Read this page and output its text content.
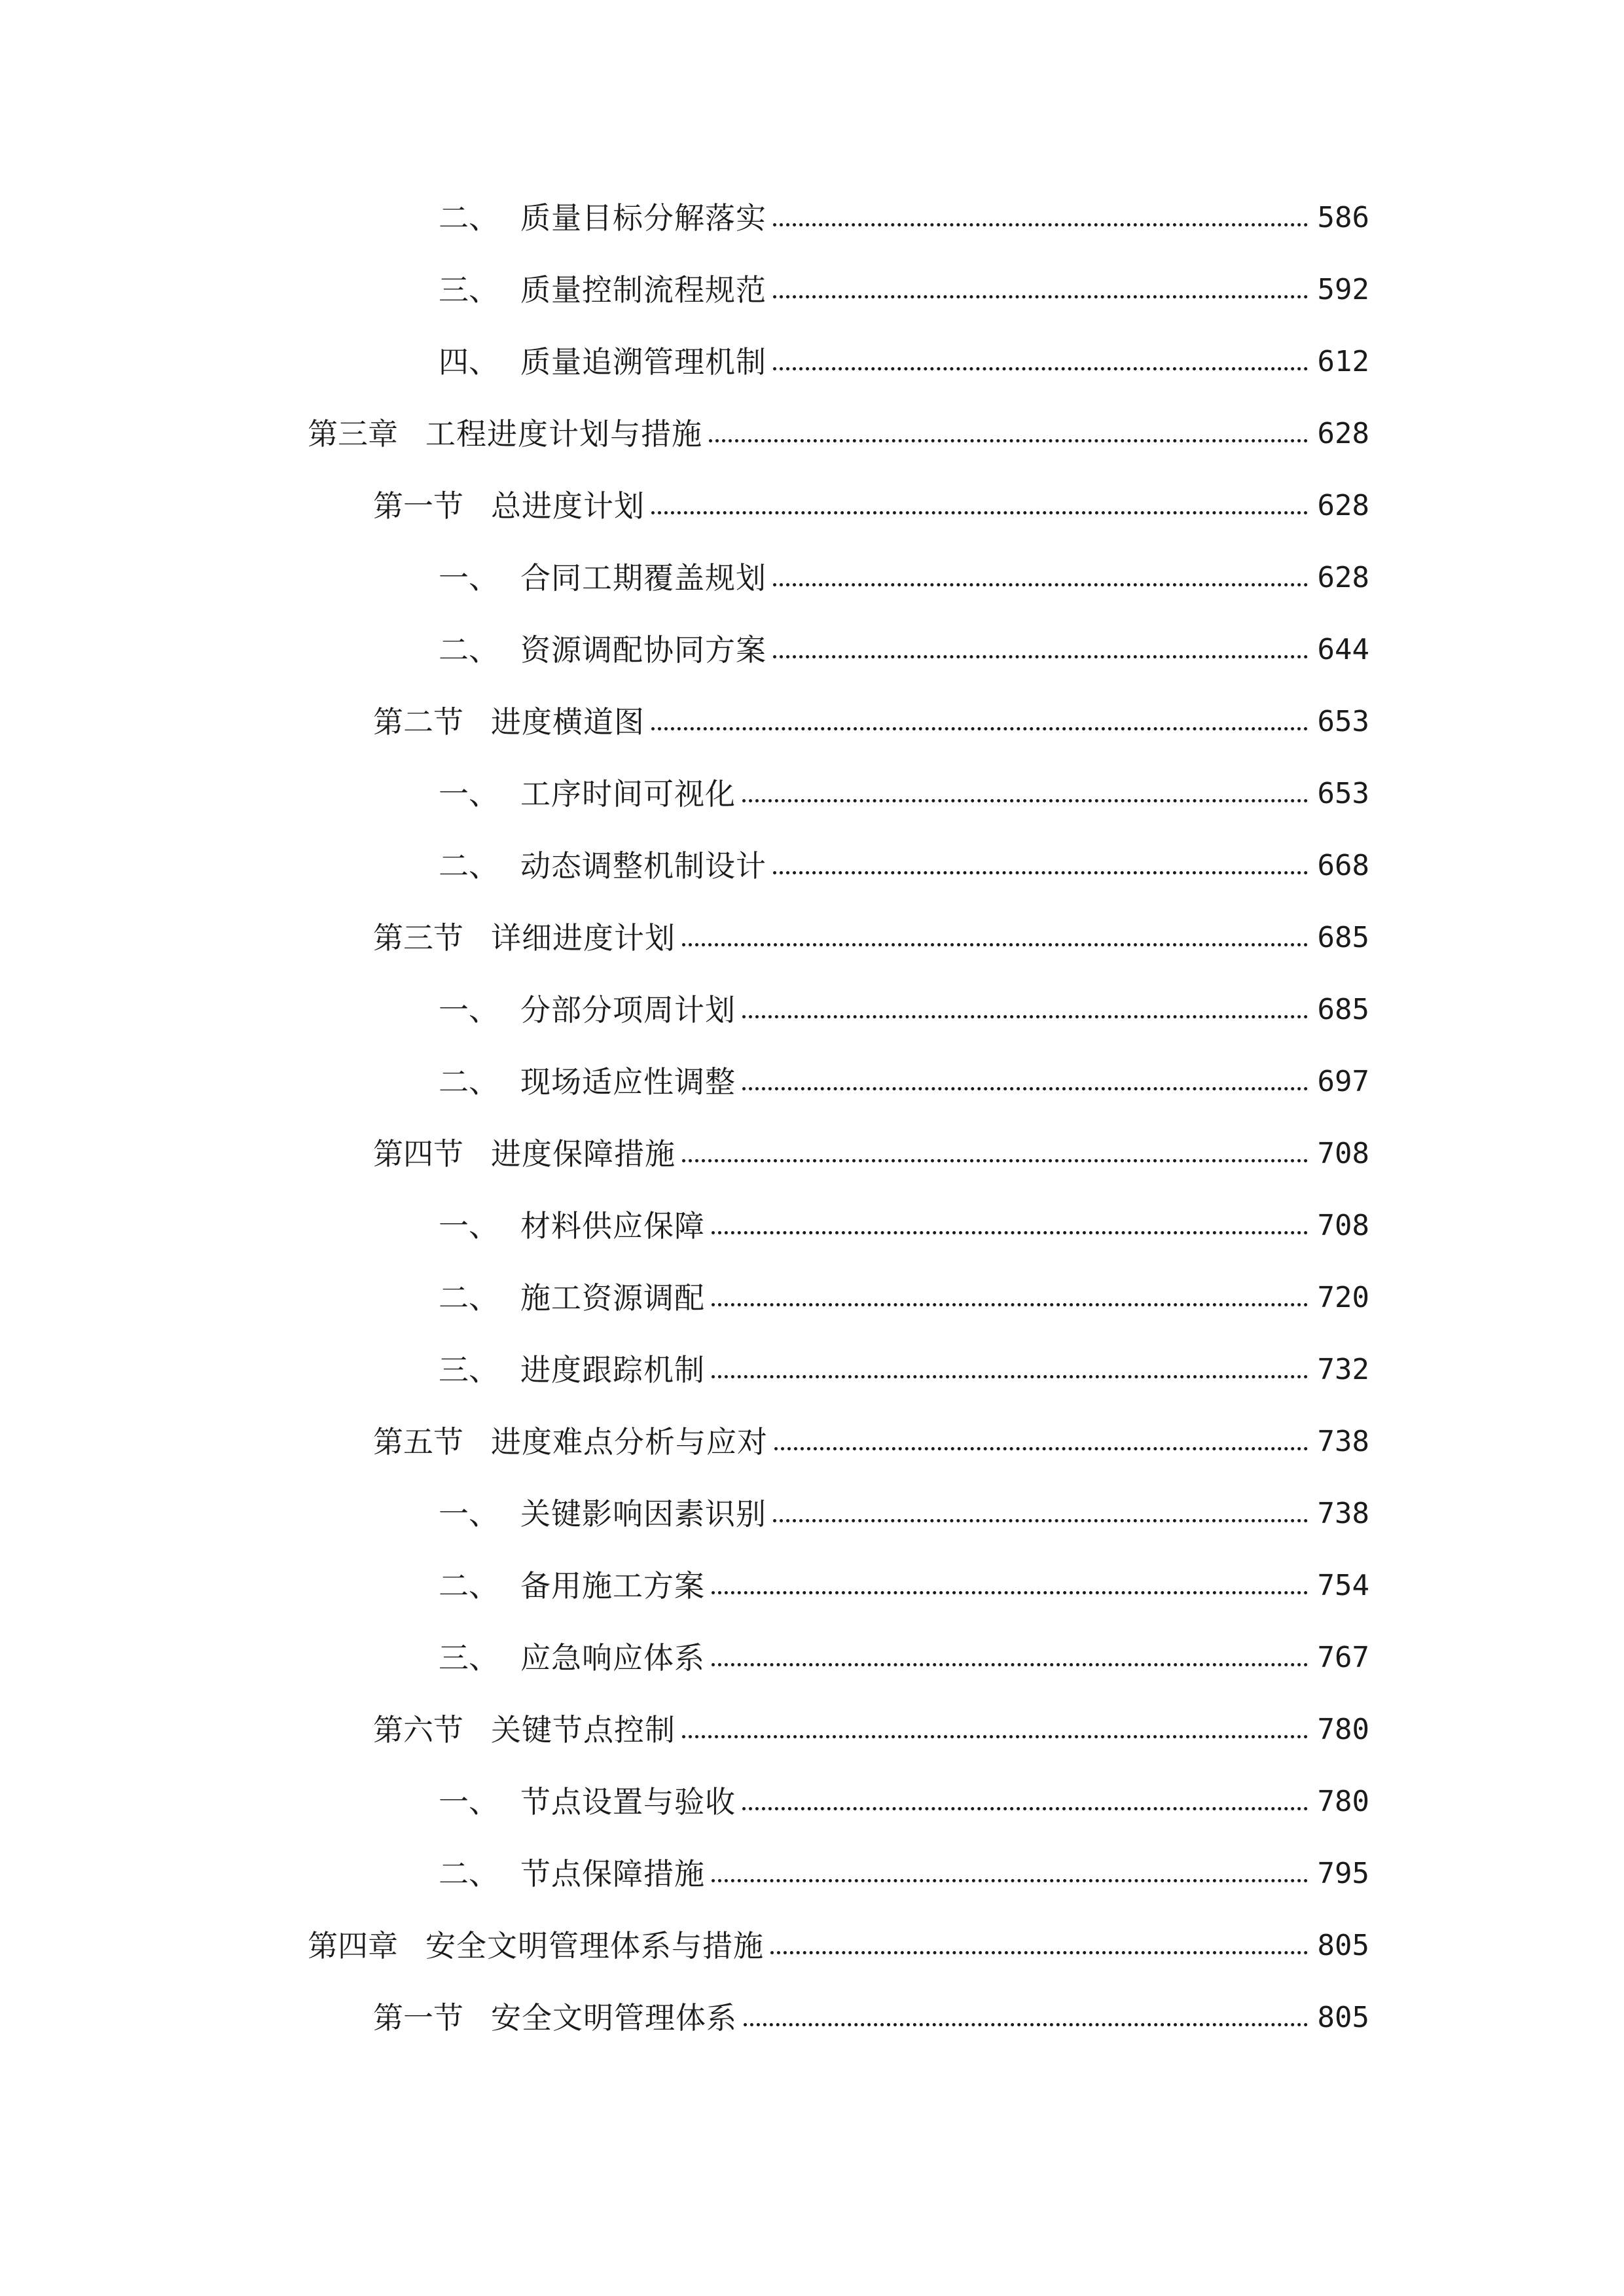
二、 质量目标分解落实	586
三、 质量控制流程规范	592
四、 质量追溯管理机制	612
第三章 工程进度计划与措施	628
第一节 总进度计划	628
一、 合同工期覆盖规划	628
二、 资源调配协同方案	644
第二节 进度横道图	653
一、 工序时间可视化	653
二、 动态调整机制设计	668
第三节 详细进度计划	685
一、 分部分项周计划	685
二、 现场适应性调整	697
第四节 进度保障措施	708
一、 材料供应保障	708
二、 施工资源调配	720
三、 进度跟踪机制	732
第五节 进度难点分析与应对	738
一、 关键影响因素识别	738
二、 备用施工方案	754
三、 应急响应体系	767
第六节 关键节点控制	780
一、 节点设置与验收	780
二、 节点保障措施	795
第四章 安全文明管理体系与措施	805
第一节 安全文明管理体系	805
